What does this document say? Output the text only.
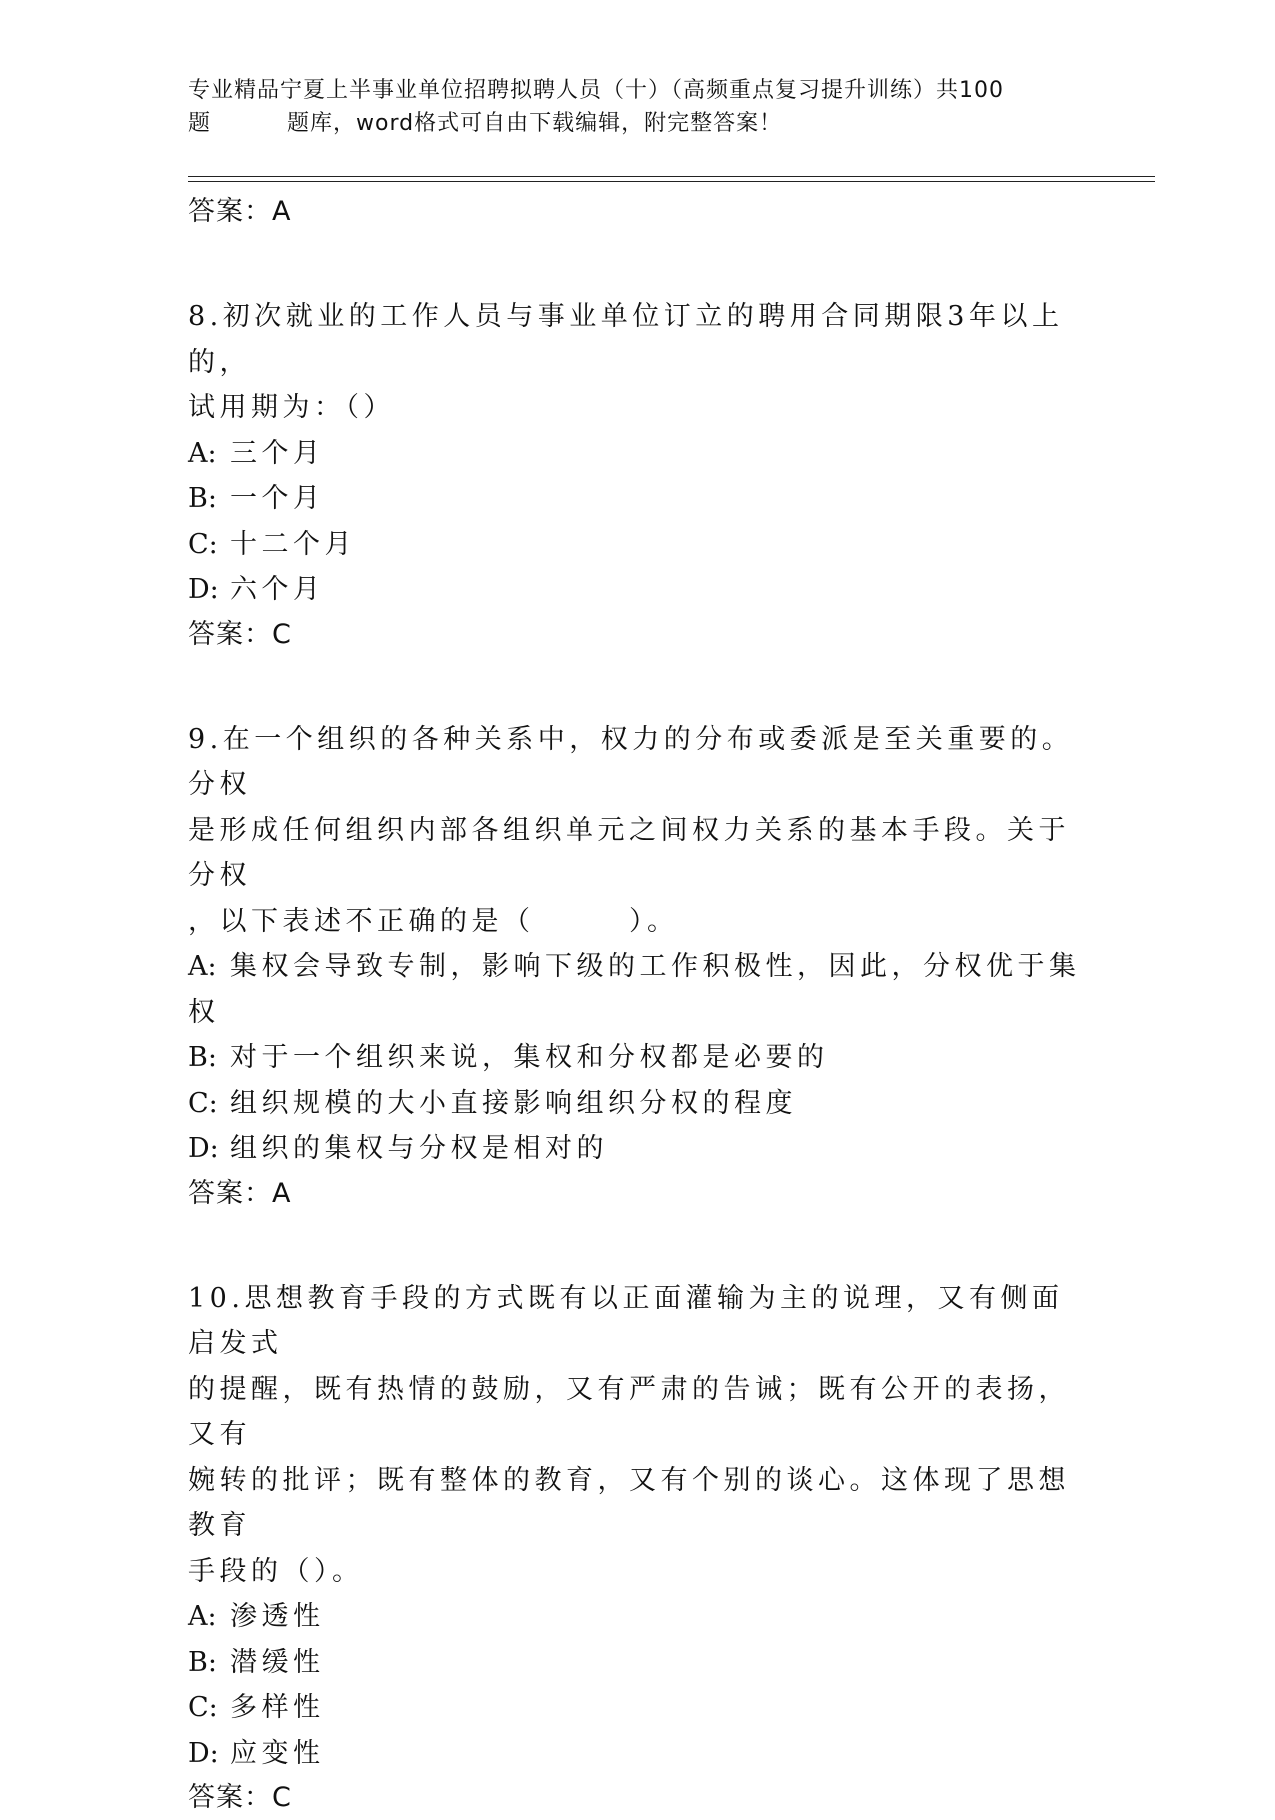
专业精品宁夏上半事业单位招聘拟聘人员（十）（高频重点复习提升训练）共100
题	题库，word格式可自由下载编辑，附完整答案！
答案：A
8.初次就业的工作人员与事业单位订立的聘用合同期限3年以上的，
试用期为：（）
A: 三个月
B: 一个月
C: 十二个月
D: 六个月
答案：C
9.在一个组织的各种关系中，权力的分布或委派是至关重要的。分权
是形成任何组织内部各组织单元之间权力关系的基本手段。关于分权
，以下表述不正确的是（　　　）。
A: 集权会导致专制，影响下级的工作积极性，因此，分权优于集权
B: 对于一个组织来说，集权和分权都是必要的
C: 组织规模的大小直接影响组织分权的程度
D: 组织的集权与分权是相对的
答案：A
10.思想教育手段的方式既有以正面灌输为主的说理，又有侧面启发式
的提醒，既有热情的鼓励，又有严肃的告诫；既有公开的表扬，又有
婉转的批评；既有整体的教育，又有个别的谈心。这体现了思想教育
手段的（）。
A: 渗透性
B: 潜缓性
C: 多样性
D: 应变性
答案：C
